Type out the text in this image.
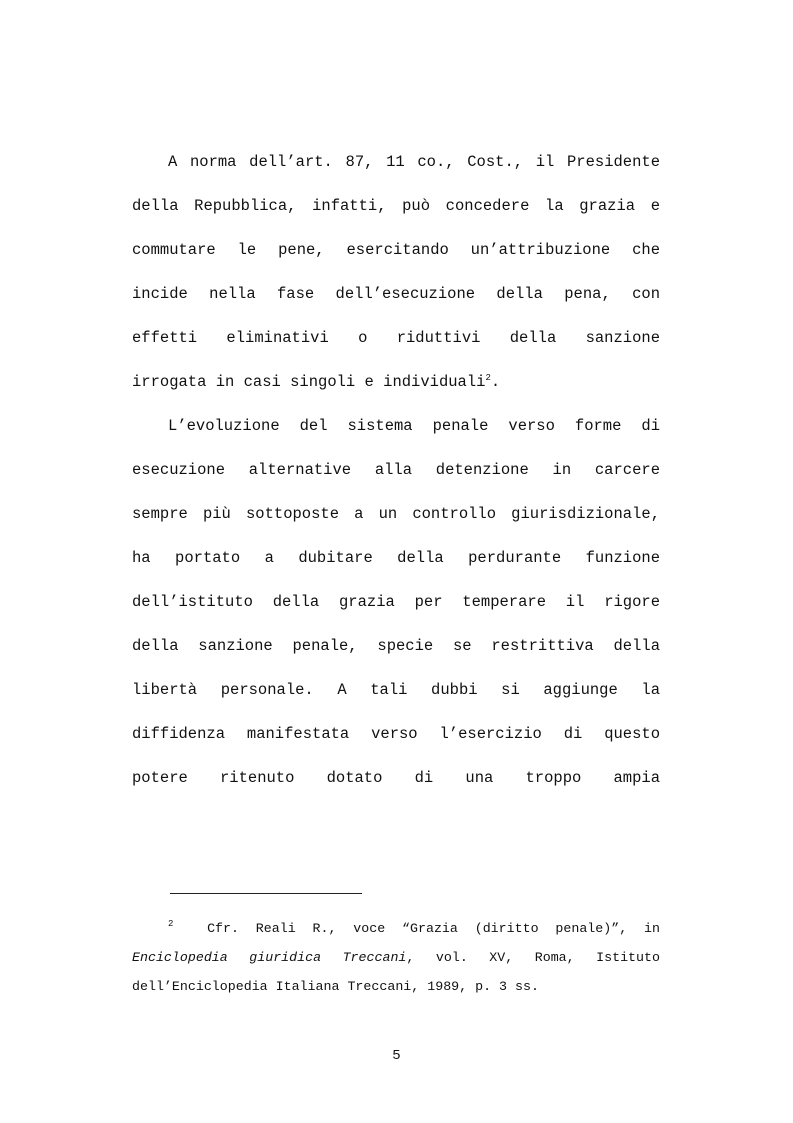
A norma dell’art. 87, 11 co., Cost., il Presidente
della Repubblica, infatti, può concedere la grazia e
commutare le pene, esercitando un’attribuzione che
incide nella fase dell’esecuzione della pena, con
effetti eliminativi o riduttivi della sanzione
irrogata in casi singoli e individuali$^2$.
L’evoluzione del sistema penale verso forme di
esecuzione alternative alla detenzione in carcere
sempre più sottoposte a un controllo giurisdizionale,
ha portato a dubitare della perdurante funzione
dell’istituto della grazia per temperare il rigore
della sanzione penale, specie se restrittiva della
libertà personale. A tali dubbi si aggiunge la
diffidenza manifestata verso l’esercizio di questo
potere ritenuto dotato di una troppo ampia
$^2$	Cfr. Reali R., voce “Grazia (diritto penale)”, in
Enciclopedia giuridica Treccani, vol. XV, Roma, Istituto
dell’Enciclopedia Italiana Treccani, 1989, p. 3 ss.
5
